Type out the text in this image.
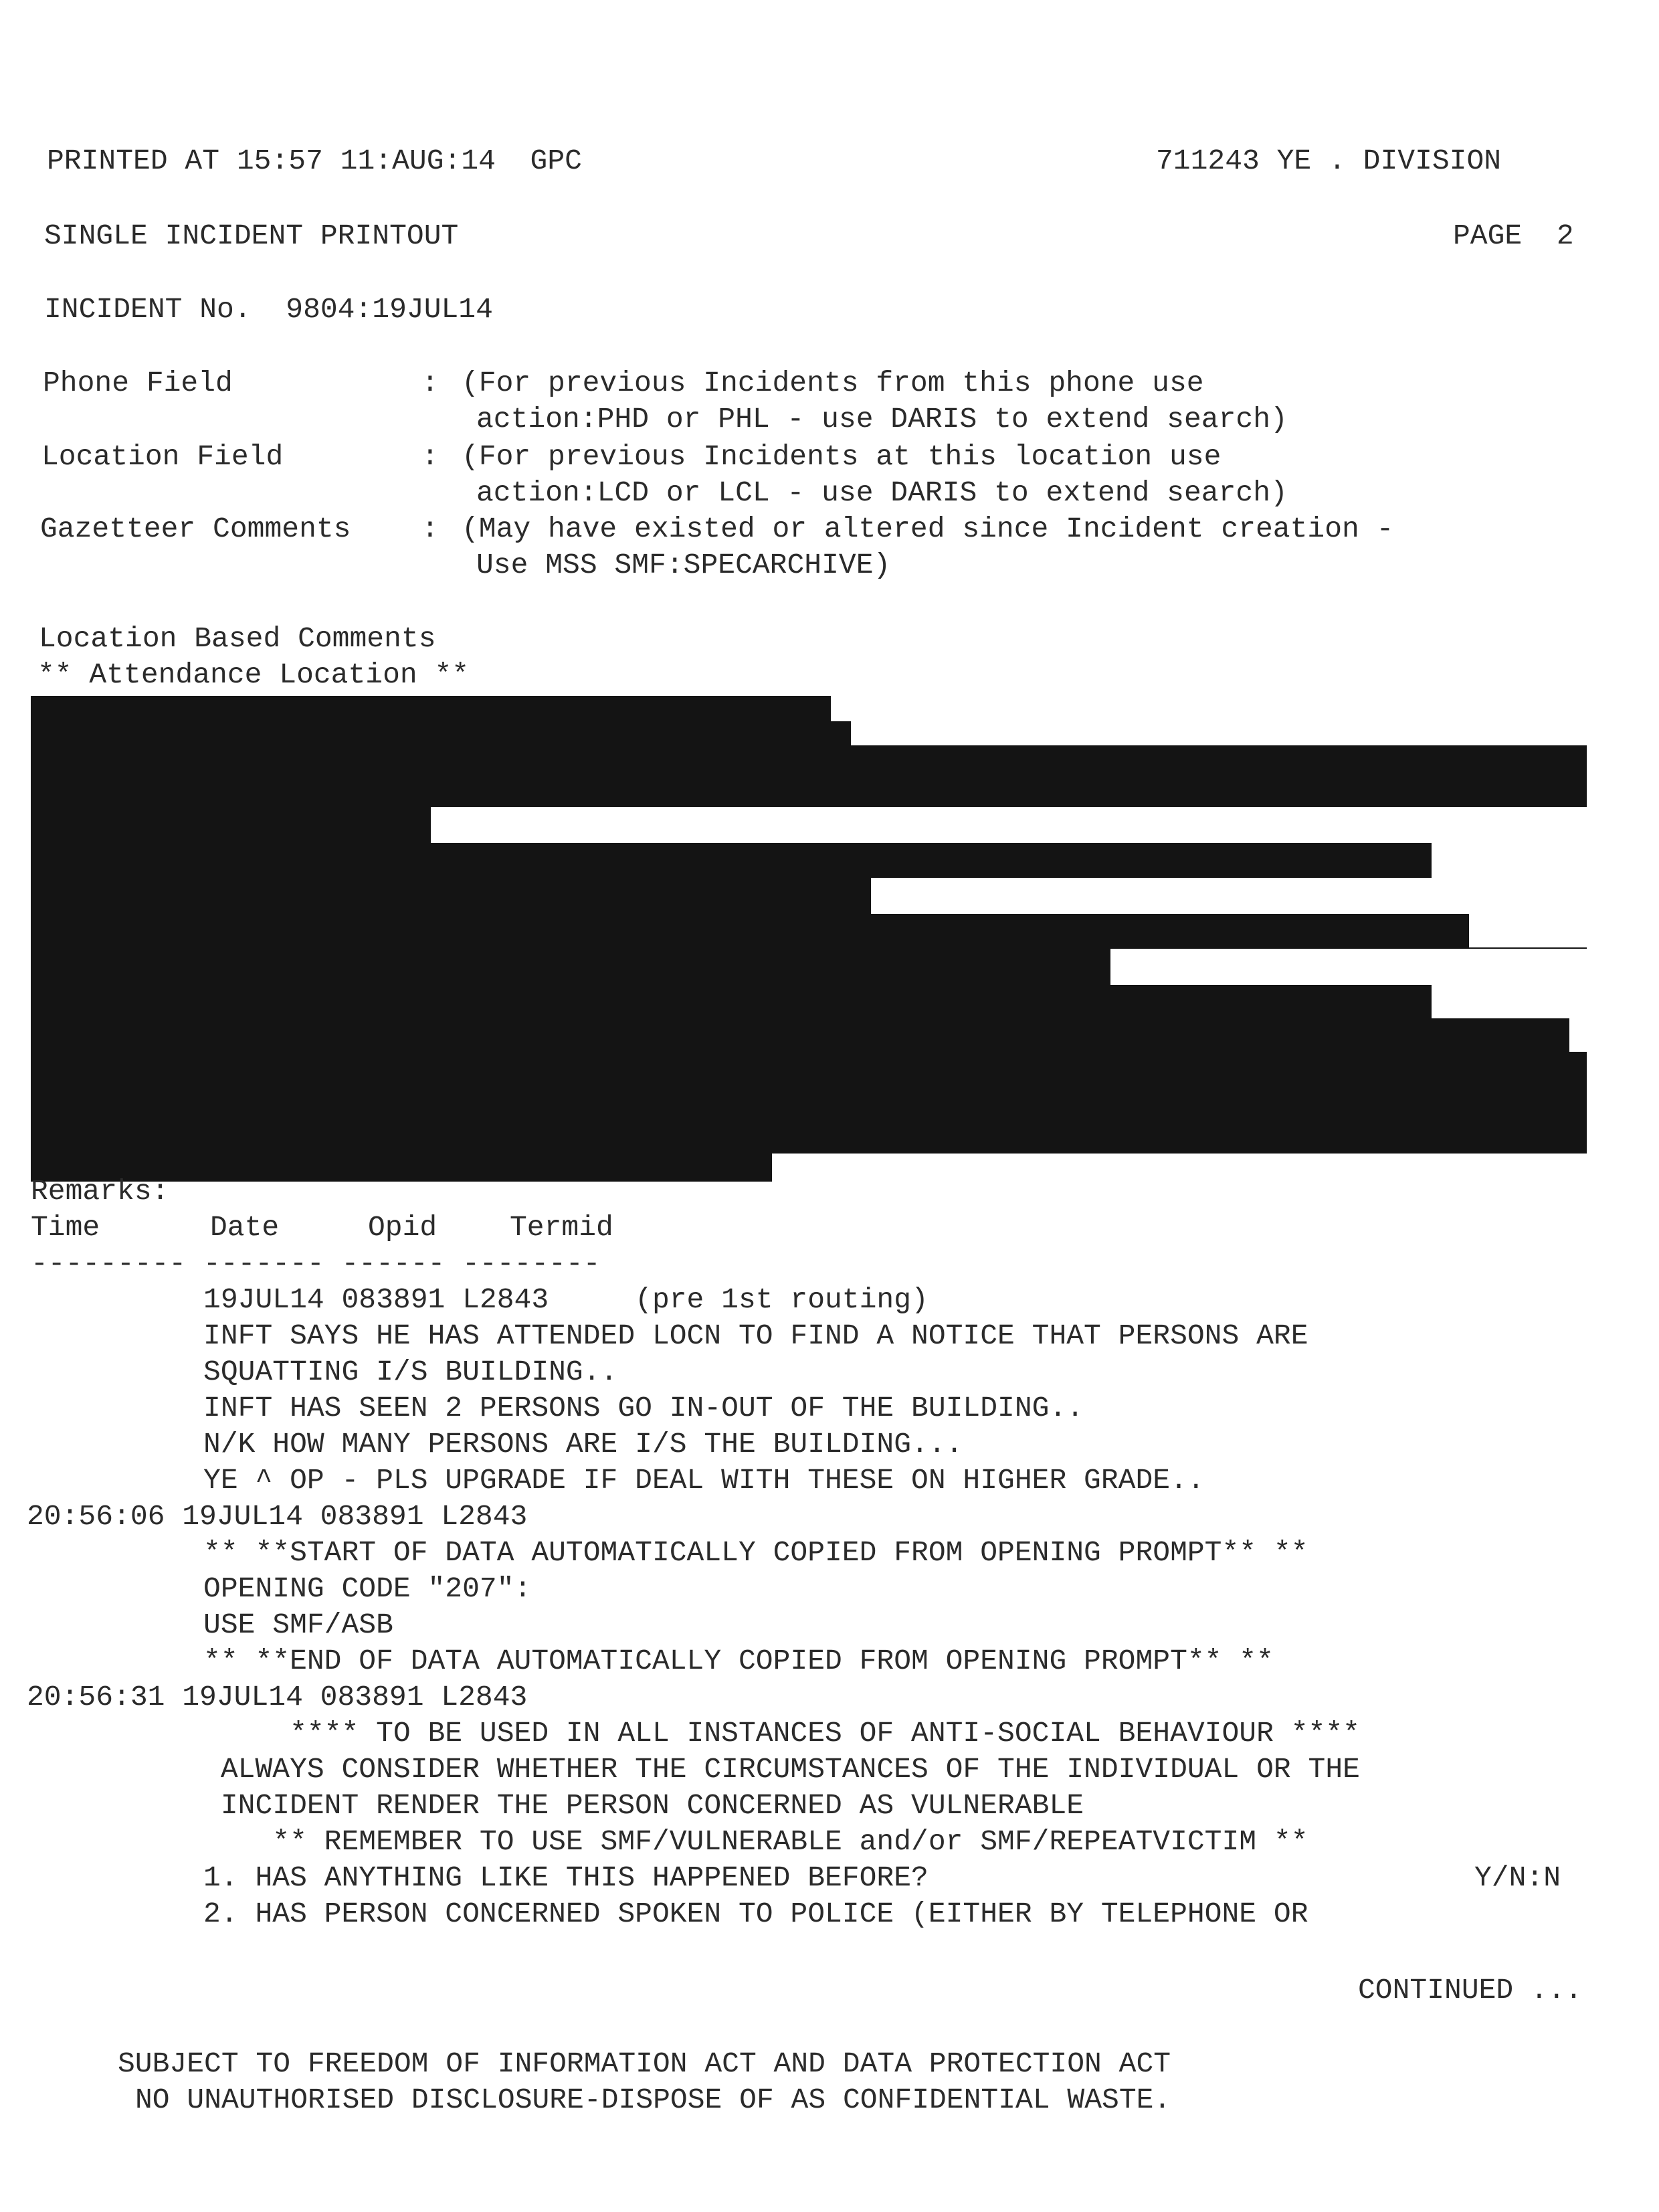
PRINTED AT 15:57 11:AUG:14  GPC	711243 YE . DIVISION

SINGLE INCIDENT PRINTOUT	PAGE  2

INCIDENT No.  9804:19JUL14

Phone Field	: (For previous Incidents from this phone use

action:PHD or PHL - use DARIS to extend search)

Location Field	: (For previous Incidents at this location use

action:LCD or LCL - use DARIS to extend search)

Gazetteer Comments : (May have existed or altered since Incident creation -

Use MSS SMF:SPECARCHIVE)

Location Based Comments

** Attendance Location **

Remarks:

Time	Date	Opid	Termid

--------- ------- ------ --------

19JUL14 083891 L2843     (pre 1st routing)

INFT SAYS HE HAS ATTENDED LOCN TO FIND A NOTICE THAT PERSONS ARE

SQUATTING I/S BUILDING..

INFT HAS SEEN 2 PERSONS GO IN-OUT OF THE BUILDING..

N/K HOW MANY PERSONS ARE I/S THE BUILDING...

YE ^ OP - PLS UPGRADE IF DEAL WITH THESE ON HIGHER GRADE..

20:56:06 19JUL14 083891 L2843

** **START OF DATA AUTOMATICALLY COPIED FROM OPENING PROMPT** **

OPENING CODE "207":

USE SMF/ASB

** **END OF DATA AUTOMATICALLY COPIED FROM OPENING PROMPT** **

20:56:31 19JUL14 083891 L2843

**** TO BE USED IN ALL INSTANCES OF ANTI-SOCIAL BEHAVIOUR ****

ALWAYS CONSIDER WHETHER THE CIRCUMSTANCES OF THE INDIVIDUAL OR THE

INCIDENT RENDER THE PERSON CONCERNED AS VULNERABLE

** REMEMBER TO USE SMF/VULNERABLE and/or SMF/REPEATVICTIM **

1. HAS ANYTHING LIKE THIS HAPPENED BEFORE?	Y/N:N

2. HAS PERSON CONCERNED SPOKEN TO POLICE (EITHER BY TELEPHONE OR

CONTINUED ...

SUBJECT TO FREEDOM OF INFORMATION ACT AND DATA PROTECTION ACT

NO UNAUTHORISED DISCLOSURE-DISPOSE OF AS CONFIDENTIAL WASTE.
